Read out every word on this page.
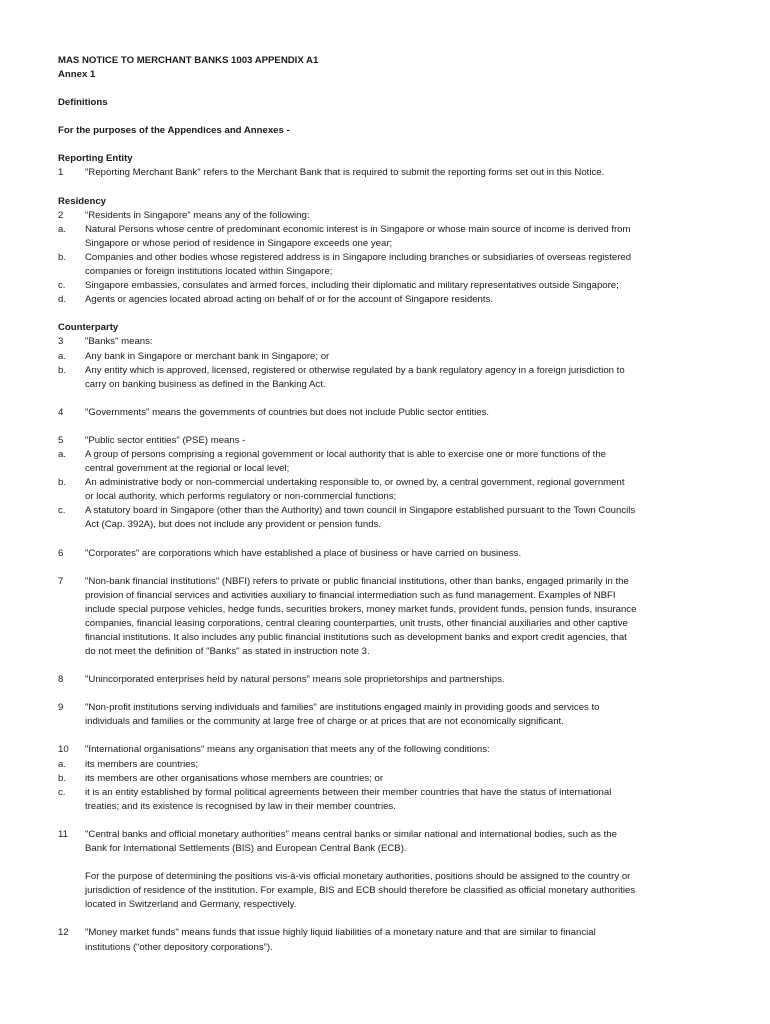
MAS NOTICE TO MERCHANT BANKS 1003 APPENDIX A1

Annex 1

Definitions

For the purposes of the Appendices and Annexes -

Reporting Entity

1	"Reporting Merchant Bank" refers to the Merchant Bank that is required to submit the reporting forms set out in this Notice.

Residency

2	“Residents in Singapore” means any of the following:
a.	Natural Persons whose centre of predominant economic interest is in Singapore or whose main source of income is derived from
Singapore or whose period of residence in Singapore exceeds one year;
b.	Companies and other bodies whose registered address is in Singapore including branches or subsidiaries of overseas registered
companies or foreign institutions located within Singapore;
c.	Singapore embassies, consulates and armed forces, including their diplomatic and military representatives outside Singapore;
d.	Agents or agencies located abroad acting on behalf of or for the account of Singapore residents.

Counterparty

3	"Banks" means:
a.	Any bank in Singapore or merchant bank in Singapore; or
b.	Any entity which is approved, licensed, registered or otherwise regulated by a bank regulatory agency in a foreign jurisdiction to
carry on banking business as defined in the Banking Act.
4	"Governments" means the governments of countries but does not include Public sector entities.
5	"Public sector entities" (PSE) means -
a.	A group of persons comprising a regional government or local authority that is able to exercise one or more functions of the
central government at the regional or local level;
b.	An administrative body or non-commercial undertaking responsible to, or owned by, a central government, regional government
or local authority, which performs regulatory or non-commercial functions;
c.	A statutory board in Singapore (other than the Authority) and town council in Singapore established pursuant to the Town Councils
Act (Cap. 392A), but does not include any provident or pension funds.
6	"Corporates" are corporations which have established a place of business or have carried on business.
7	"Non-bank financial institutions" (NBFI) refers to private or public financial institutions, other than banks, engaged primarily in the
provision of financial services and activities auxiliary to financial intermediation such as fund management. Examples of NBFI
include special purpose vehicles, hedge funds, securities brokers, money market funds, provident funds, pension funds, insurance
companies, financial leasing corporations, central clearing counterparties, unit trusts, other financial auxiliaries and other captive
financial institutions. It also includes any public financial institutions such as development banks and export credit agencies, that
do not meet the definition of "Banks" as stated in instruction note 3.
8	"Unincorporated enterprises held by natural persons" means sole proprietorships and partnerships.
9	"Non-profit institutions serving individuals and families" are institutions engaged mainly in providing goods and services to
individuals and families or the community at large free of charge or at prices that are not economically significant.
10	"International organisations" means any organisation that meets any of the following conditions:
a.	its members are countries;
b.	its members are other organisations whose members are countries; or
c.	it is an entity established by formal political agreements between their member countries that have the status of international
treaties; and its existence is recognised by law in their member countries.
11	"Central banks and official monetary authorities" means central banks or similar national and international bodies, such as the
Bank for International Settlements (BIS) and European Central Bank (ECB).
For the purpose of determining the positions vis-à-vis official monetary authorities, positions should be assigned to the country or
jurisdiction of residence of the institution. For example, BIS and ECB should therefore be classified as official monetary authorities
located in Switzerland and Germany, respectively.
12	"Money market funds" means funds that issue highly liquid liabilities of a monetary nature and that are similar to financial
institutions (“other depository corporations”).
